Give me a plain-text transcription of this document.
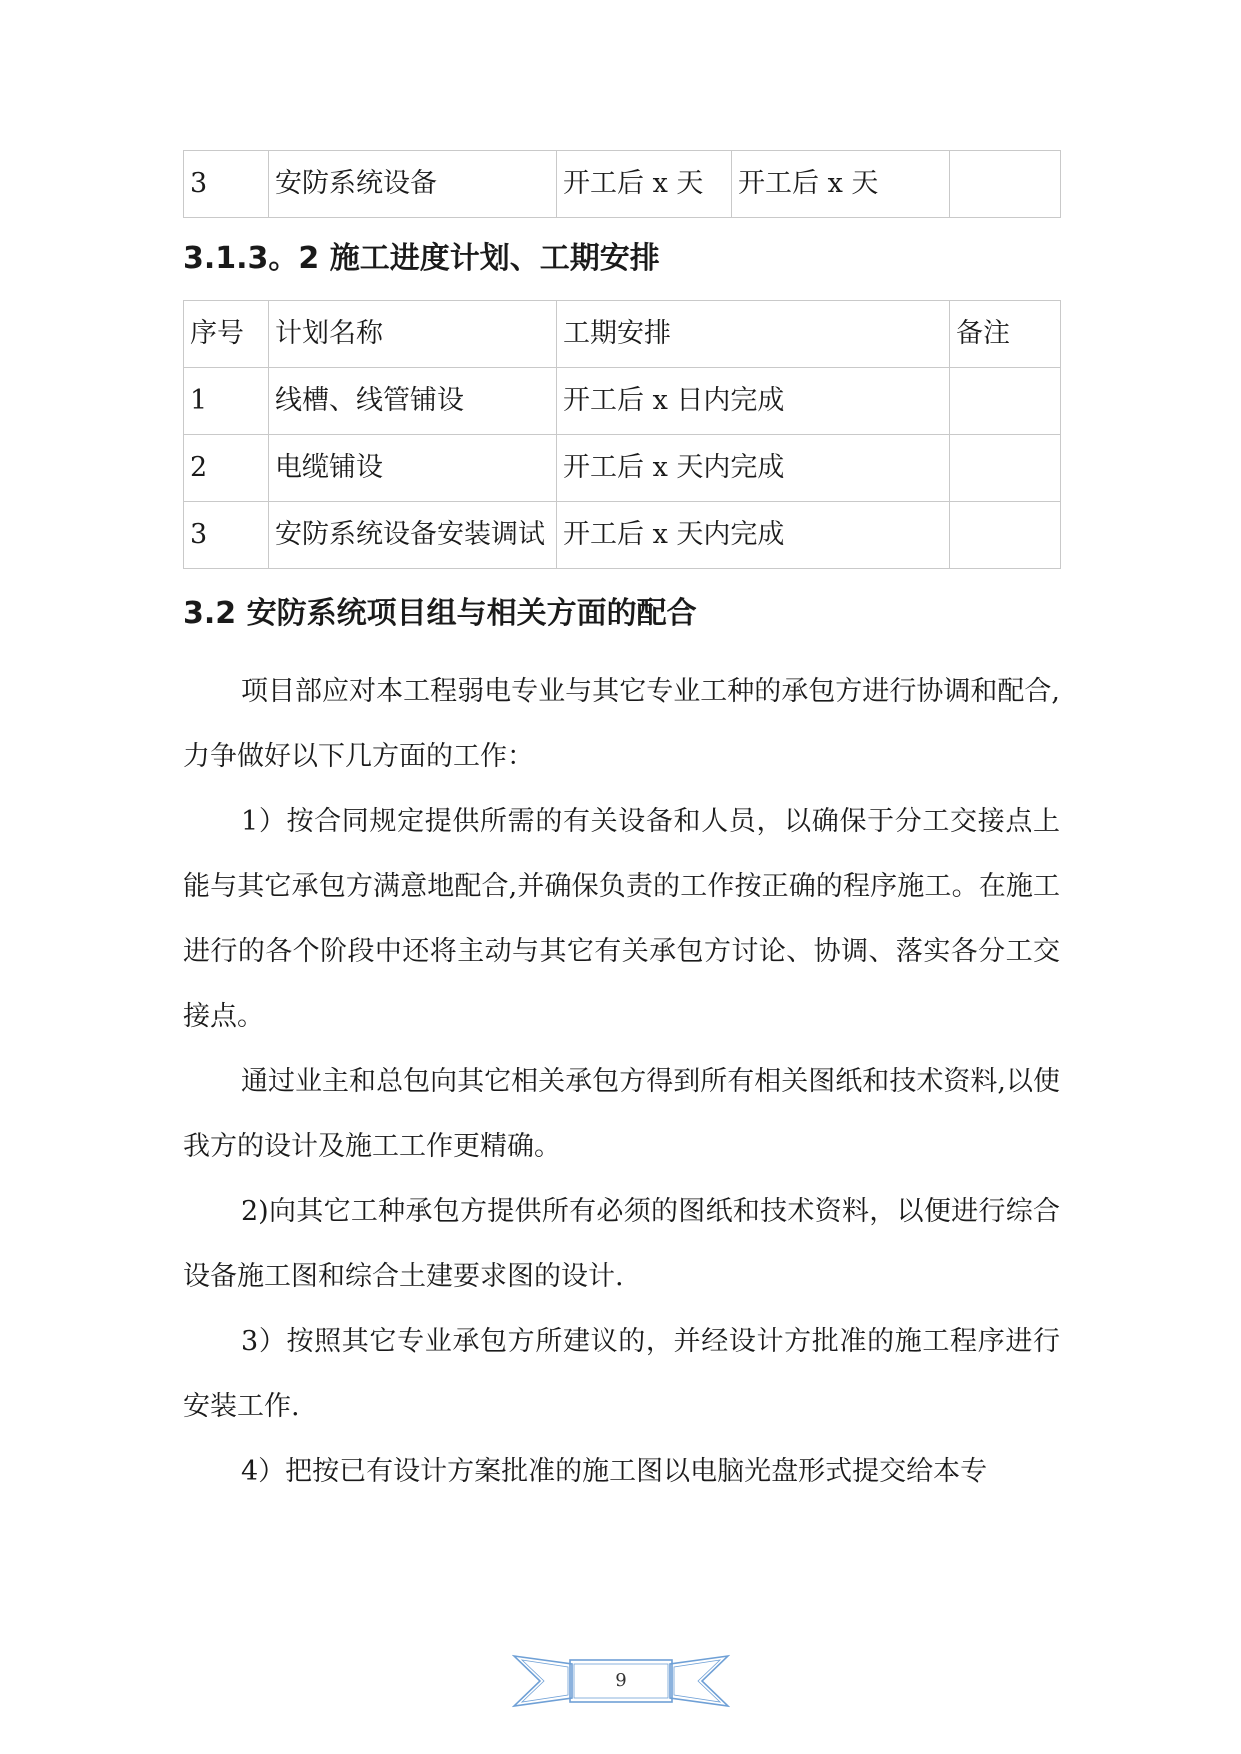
3	安防系统设备	开工后 x 天	开工后 x 天	
3.1.3。2 施工进度计划、工期安排
序号	计划名称	工期安排	备注
1	线槽、线管铺设	开工后 x 日内完成	
2	电缆铺设	开工后 x 天内完成	
3	安防系统设备安装调试	开工后 x 天内完成	
3.2 安防系统项目组与相关方面的配合

项目部应对本工程弱电专业与其它专业工种的承包方进行协调和配合,力争做好以下几方面的工作：

1）按合同规定提供所需的有关设备和人员，以确保于分工交接点上能与其它承包方满意地配合,并确保负责的工作按正确的程序施工。在施工进行的各个阶段中还将主动与其它有关承包方讨论、协调、落实各分工交接点。

通过业主和总包向其它相关承包方得到所有相关图纸和技术资料,以使我方的设计及施工工作更精确。

2)向其它工种承包方提供所有必须的图纸和技术资料，以便进行综合设备施工图和综合土建要求图的设计.

3）按照其它专业承包方所建议的，并经设计方批准的施工程序进行安装工作.

4）把按已有设计方案批准的施工图以电脑光盘形式提交给本专

9
